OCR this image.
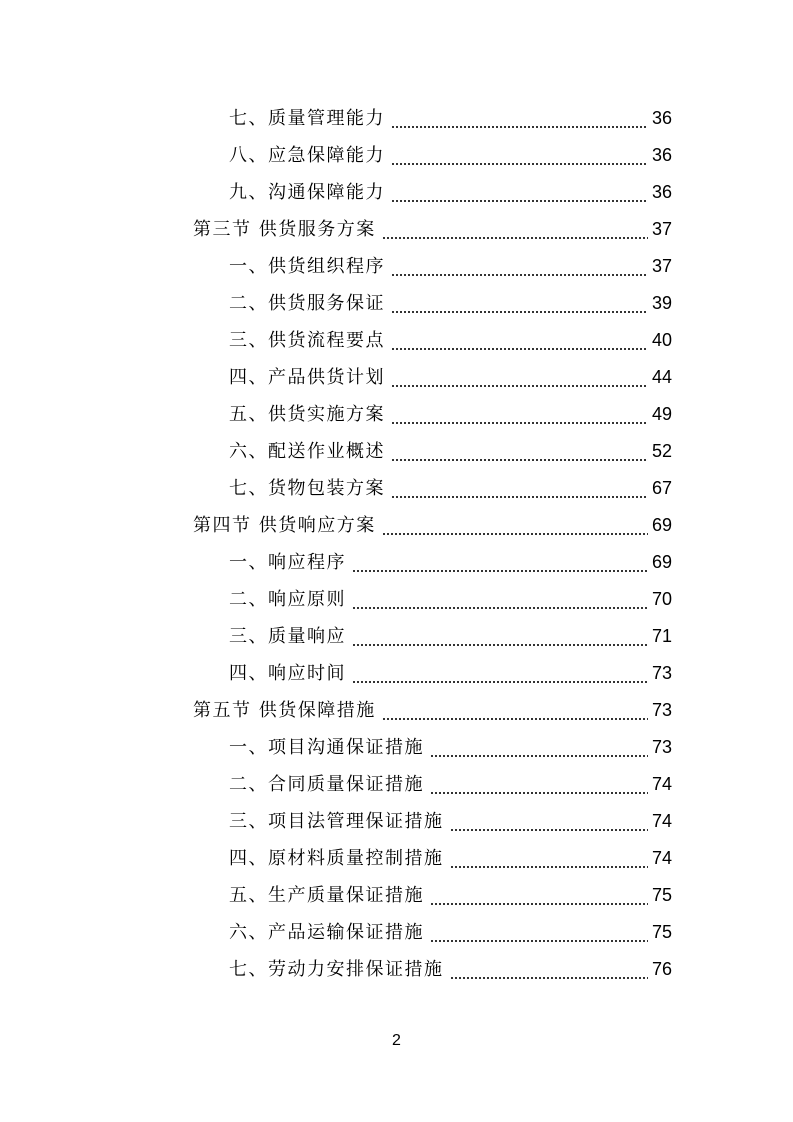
七、质量管理能力	36
八、应急保障能力	36
九、沟通保障能力	36
第三节 供货服务方案	37
一、供货组织程序	37
二、供货服务保证	39
三、供货流程要点	40
四、产品供货计划	44
五、供货实施方案	49
六、配送作业概述	52
七、货物包装方案	67
第四节 供货响应方案	69
一、响应程序	69
二、响应原则	70
三、质量响应	71
四、响应时间	73
第五节 供货保障措施	73
一、项目沟通保证措施	73
二、合同质量保证措施	74
三、项目法管理保证措施	74
四、原材料质量控制措施	74
五、生产质量保证措施	75
六、产品运输保证措施	75
七、劳动力安排保证措施	76
2
